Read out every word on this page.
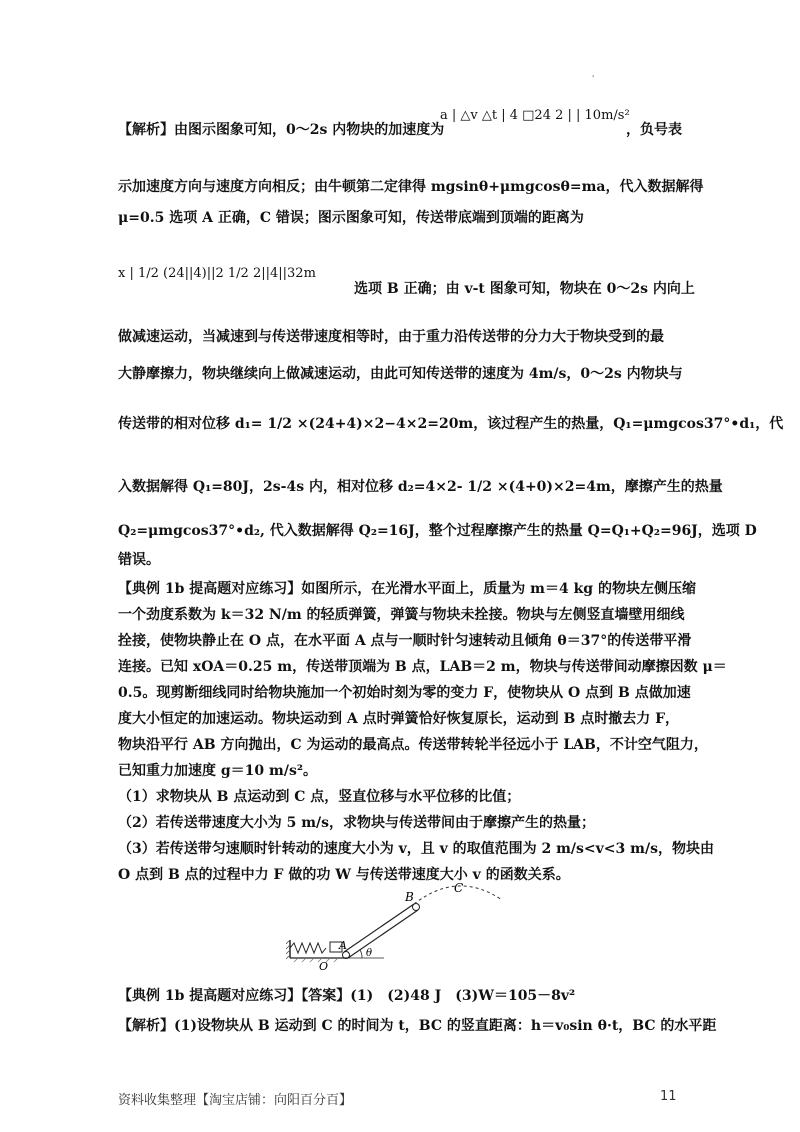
'
【解析】由图示图象可知，0～2s 内物块的加速度为
a | △v △t | 4 □24 2 | | 10m/s²
，负号表
示加速度方向与速度方向相反；由牛顿第二定律得 mgsinθ+μmgcosθ=ma，代入数据解得
μ=0.5 选项 A 正确，C 错误；图示图象可知，传送带底端到顶端的距离为
x | 1/2 (24||4)||2 1/2 2||4||32m
选项 B 正确；由 v-t 图象可知，物块在 0～2s 内向上
做减速运动，当减速到与传送带速度相等时，由于重力沿传送带的分力大于物块受到的最
大静摩擦力，物块继续向上做减速运动，由此可知传送带的速度为 4m/s，0～2s 内物块与
传送带的相对位移 d₁= 1/2 ×(24+4)×2−4×2=20m，该过程产生的热量，Q₁=μmgcos37°•d₁，代
入数据解得 Q₁=80J，2s-4s 内，相对位移 d₂=4×2- 1/2 ×(4+0)×2=4m，摩擦产生的热量
Q₂=μmgcos37°•d₂, 代入数据解得 Q₂=16J，整个过程摩擦产生的热量 Q=Q₁+Q₂=96J，选项 D
错误。
【典例 1b 提高题对应练习】如图所示，在光滑水平面上，质量为 m＝4 kg 的物块左侧压缩
一个劲度系数为 k＝32 N/m 的轻质弹簧，弹簧与物块未拴接。物块与左侧竖直墙壁用细线
拴接，使物块静止在 O 点，在水平面 A 点与一顺时针匀速转动且倾角 θ＝37°的传送带平滑
连接。已知 xOA＝0.25 m，传送带顶端为 B 点，LAB＝2 m，物块与传送带间动摩擦因数 μ＝
0.5。现剪断细线同时给物块施加一个初始时刻为零的变力 F，使物块从 O 点到 B 点做加速
度大小恒定的加速运动。物块运动到 A 点时弹簧恰好恢复原长，运动到 B 点时撤去力 F，
物块沿平行 AB 方向抛出，C 为运动的最高点。传送带转轮半径远小于 LAB，不计空气阻力，
已知重力加速度 g＝10 m/s²。
（1）求物块从 B 点运动到 C 点，竖直位移与水平位移的比值；
（2）若传送带速度大小为 5 m/s，求物块与传送带间由于摩擦产生的热量；
（3）若传送带匀速顺时针转动的速度大小为 v，且 v 的取值范围为 2 m/s<v<3 m/s，物块由
O 点到 B 点的过程中力 F 做的功 W 与传送带速度大小 v 的函数关系。
B
C
A
O
θ
【典例 1b 提高题对应练习】【答案】(1)　(2)48 J　(3)W＝105－8v²
【解析】(1)设物块从 B 运动到 C 的时间为 t，BC 的竖直距离：h＝v₀sin θ·t，BC 的水平距
资料收集整理【淘宝店铺：向阳百分百】	11
